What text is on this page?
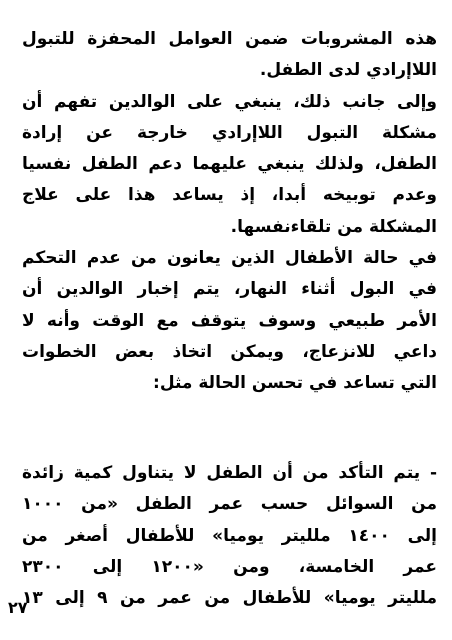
هذه المشروبات ضمن العوامل المحفزة للتبول
اللاإرادي لدى الطفل.
وإلى جانب ذلك، ينبغي على الوالدين تفهم أن
مشكلة التبول اللاإرادي خارجة عن إرادة
الطفل، ولذلك ينبغي عليهما دعم الطفل نفسيا
وعدم توبيخه أبدا، إذ يساعد هذا على علاج
المشكلة من تلقاءنفسها.
في حالة الأطفال الذين يعانون من عدم التحكم
في البول أثناء النهار، يتم إخبار الوالدين أن
الأمر طبيعي وسوف يتوقف مع الوقت وأنه لا
داعي للانزعاج، ويمكن اتخاذ بعض الخطوات
التي تساعد في تحسن الحالة مثل:
- يتم التأكد من أن الطفل لا يتناول كمية زائدة
من السوائل حسب عمر الطفل «من ١٠٠٠
إلى ١٤٠٠ ملليتر يوميا» للأطفال أصغر من
عمر الخامسة، ومن «١٢٠٠ إلى ٢٣٠٠
ملليتر يوميا» للأطفال من عمر من ٩ إلى ١٣
٢٧
